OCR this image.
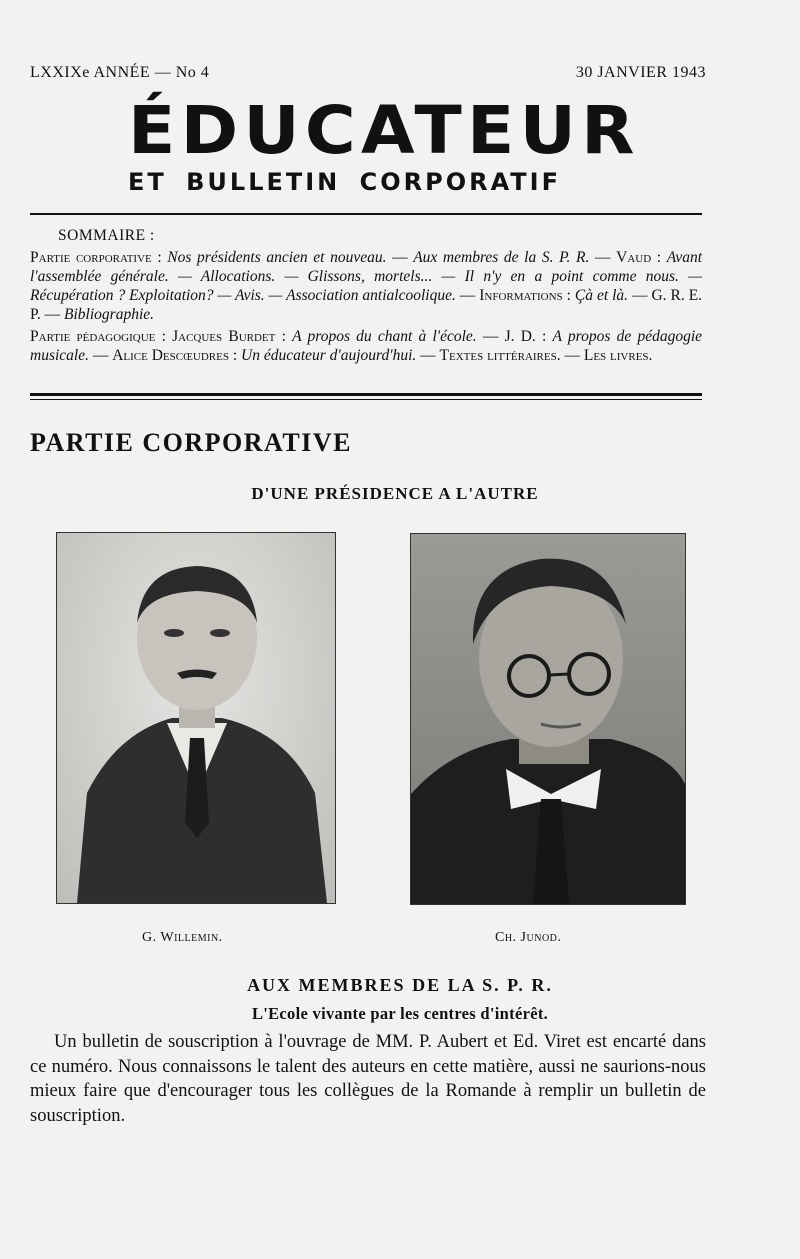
LXXIXe ANNÉE — No 4	30 JANVIER 1943
ÉDUCATEUR
ET BULLETIN CORPORATIF

SOMMAIRE :

Partie corporative : Nos présidents ancien et nouveau. — Aux membres de la S. P. R. — Vaud : Avant l'assemblée générale. — Allocations. — Glissons, mortels... — Il n'y en a point comme nous. — Récupération ? Exploitation? — Avis. — Association antialcoolique. — Informations : Çà et là. — G. R. E. P. — Bibliographie.

Partie pédagogique : Jacques Burdet : A propos du chant à l'école. — J. D. : A propos de pédagogie musicale. — Alice Descœudres : Un éducateur d'aujourd'hui. — Textes littéraires. — Les livres.

PARTIE CORPORATIVE
D'UNE PRÉSIDENCE A L'AUTRE
G. Willemin.	Ch. Junod.
AUX MEMBRES DE LA S. P. R.
L'Ecole vivante par les centres d'intérêt.

Un bulletin de souscription à l'ouvrage de MM. P. Aubert et Ed. Viret est encarté dans ce numéro. Nous connaissons le talent des auteurs en cette matière, aussi ne saurions-nous mieux faire que d'encourager tous les collègues de la Romande à remplir un bulletin de souscription.
